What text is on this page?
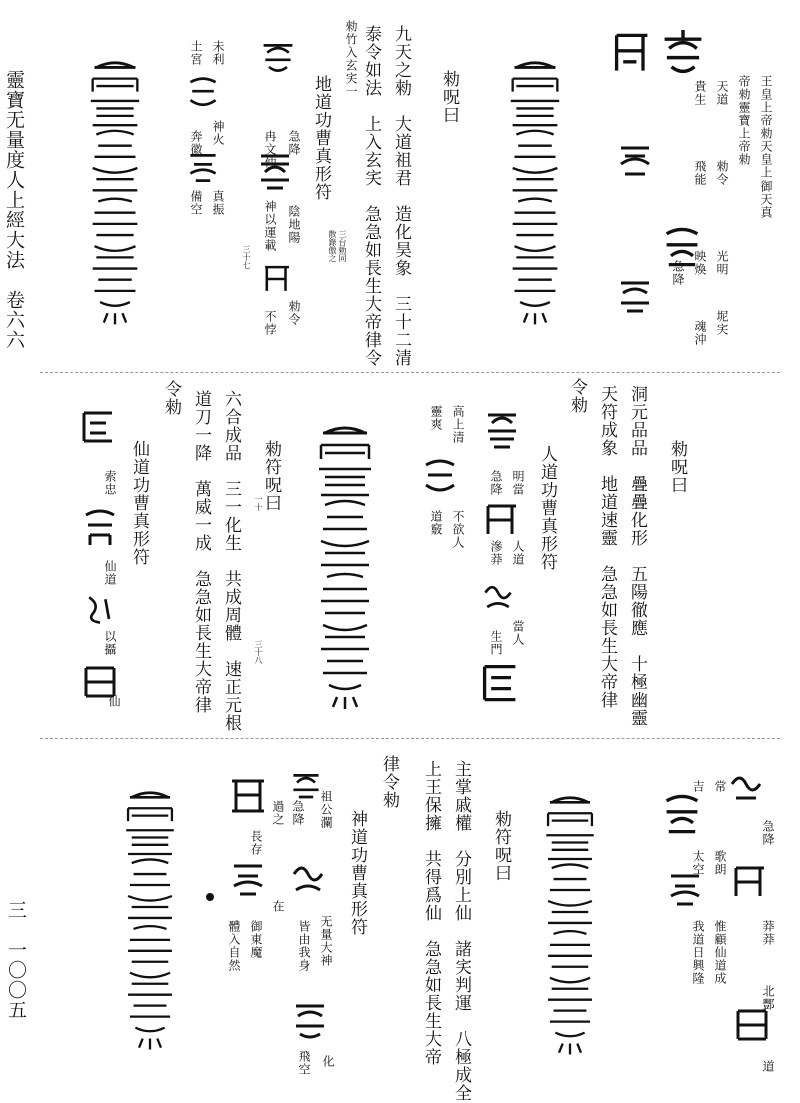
靈寶无量度人上經大法　卷六六
三　一〇〇五
九天之勑　大道祖君　造化昊象　三十二清
泰令如法　上入玄宎　急急如長生大帝律令	勑呪曰
勑竹入玄宎一
地道功曹真形符
急降
冉文仲
神以運載 陰地陽
勑令
不悖
三台勅同
散錄傲之
三十七
神火
真振
備空
未利
土宮
奔徽	王皇上帝勑天皇上
帝勑靈寶上帝勑
天道
勑令
光明
貴生
飛能
映煥
魂沖
急降
御天真
坭宎
六合成品　三一化生　共成周體　速正元根
道刀一降　萬威一成　急急如長生大帝律
令勑
勑符呪曰
仙道功曹真形符
索忠
仙道
以攝
仙
三十八
一十	洞元品品　疊疊化形　五陽徹應　十極幽靈
天符成象　地道速靈　急急如長生大帝律
令勑
勑呪曰
人道功曹真形符
高上清
靈爽
急降 明當
人道
不欲人
道竅
滲莽
當人
生門
主掌戚權　分別上仙　諸宎判運　八極成全
上王保擁　共得爲仙　急急如長生大帝
律令勑
勑符呪曰
神道功曹真形符
祖公瀾
急降
无量大神
皆由我身
過之
長存
體入自然
飛空 化
御東魔
在
急降
莽莽
北酆
道
常
歌朗
惟顧仙道成
吉
太空
我道日興隆
